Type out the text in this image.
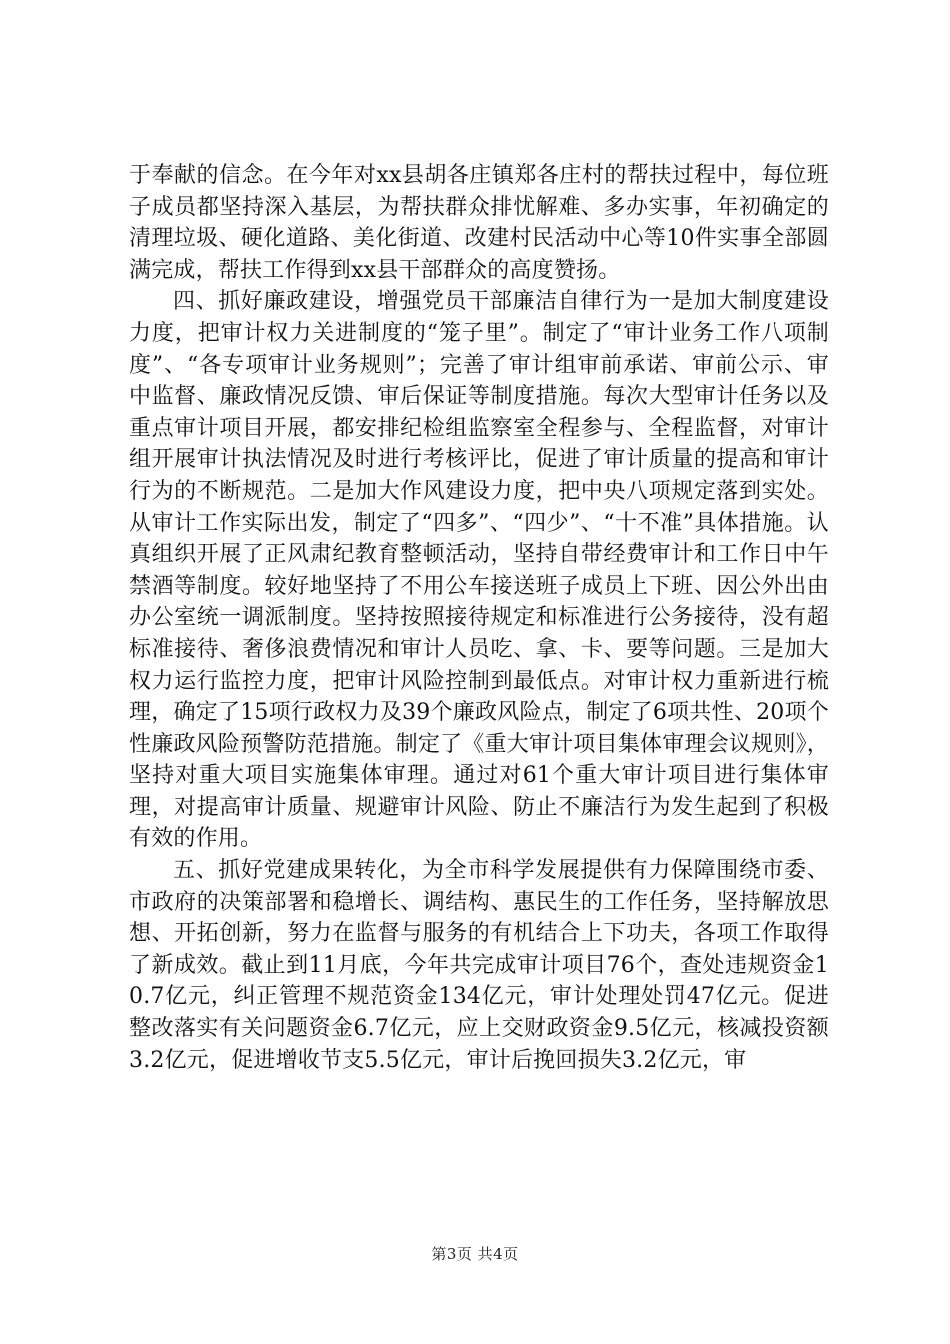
于奉献的信念。在今年对xx县胡各庄镇郑各庄村的帮扶过程中，每位班子成员都坚持深入基层，为帮扶群众排忧解难、多办实事，年初确定的清理垃圾、硬化道路、美化街道、改建村民活动中心等10件实事全部圆满完成，帮扶工作得到xx县干部群众的高度赞扬。

四、抓好廉政建设，增强党员干部廉洁自律行为一是加大制度建设力度，把审计权力关进制度的“笼子里”。制定了“审计业务工作八项制度”、“各专项审计业务规则”；完善了审计组审前承诺、审前公示、审中监督、廉政情况反馈、审后保证等制度措施。每次大型审计任务以及重点审计项目开展，都安排纪检组监察室全程参与、全程监督，对审计组开展审计执法情况及时进行考核评比，促进了审计质量的提高和审计行为的不断规范。二是加大作风建设力度，把中央八项规定落到实处。从审计工作实际出发，制定了“四多”、“四少”、“十不准”具体措施。认真组织开展了正风肃纪教育整顿活动，坚持自带经费审计和工作日中午禁酒等制度。较好地坚持了不用公车接送班子成员上下班、因公外出由办公室统一调派制度。坚持按照接待规定和标准进行公务接待，没有超标准接待、奢侈浪费情况和审计人员吃、拿、卡、要等问题。三是加大权力运行监控力度，把审计风险控制到最低点。对审计权力重新进行梳理，确定了15项行政权力及39个廉政风险点，制定了6项共性、20项个性廉政风险预警防范措施。制定了《重大审计项目集体审理会议规则》，坚持对重大项目实施集体审理。通过对61个重大审计项目进行集体审理，对提高审计质量、规避审计风险、防止不廉洁行为发生起到了积极有效的作用。

五、抓好党建成果转化，为全市科学发展提供有力保障围绕市委、市政府的决策部署和稳增长、调结构、惠民生的工作任务，坚持解放思想、开拓创新，努力在监督与服务的有机结合上下功夫，各项工作取得了新成效。截止到11月底，今年共完成审计项目76个，查处违规资金10.7亿元，纠正管理不规范资金134亿元，审计处理处罚47亿元。促进整改落实有关问题资金6.7亿元，应上交财政资金9.5亿元，核减投资额3.2亿元，促进增收节支5.5亿元，审计后挽回损失3.2亿元，审

第3页 共4页
